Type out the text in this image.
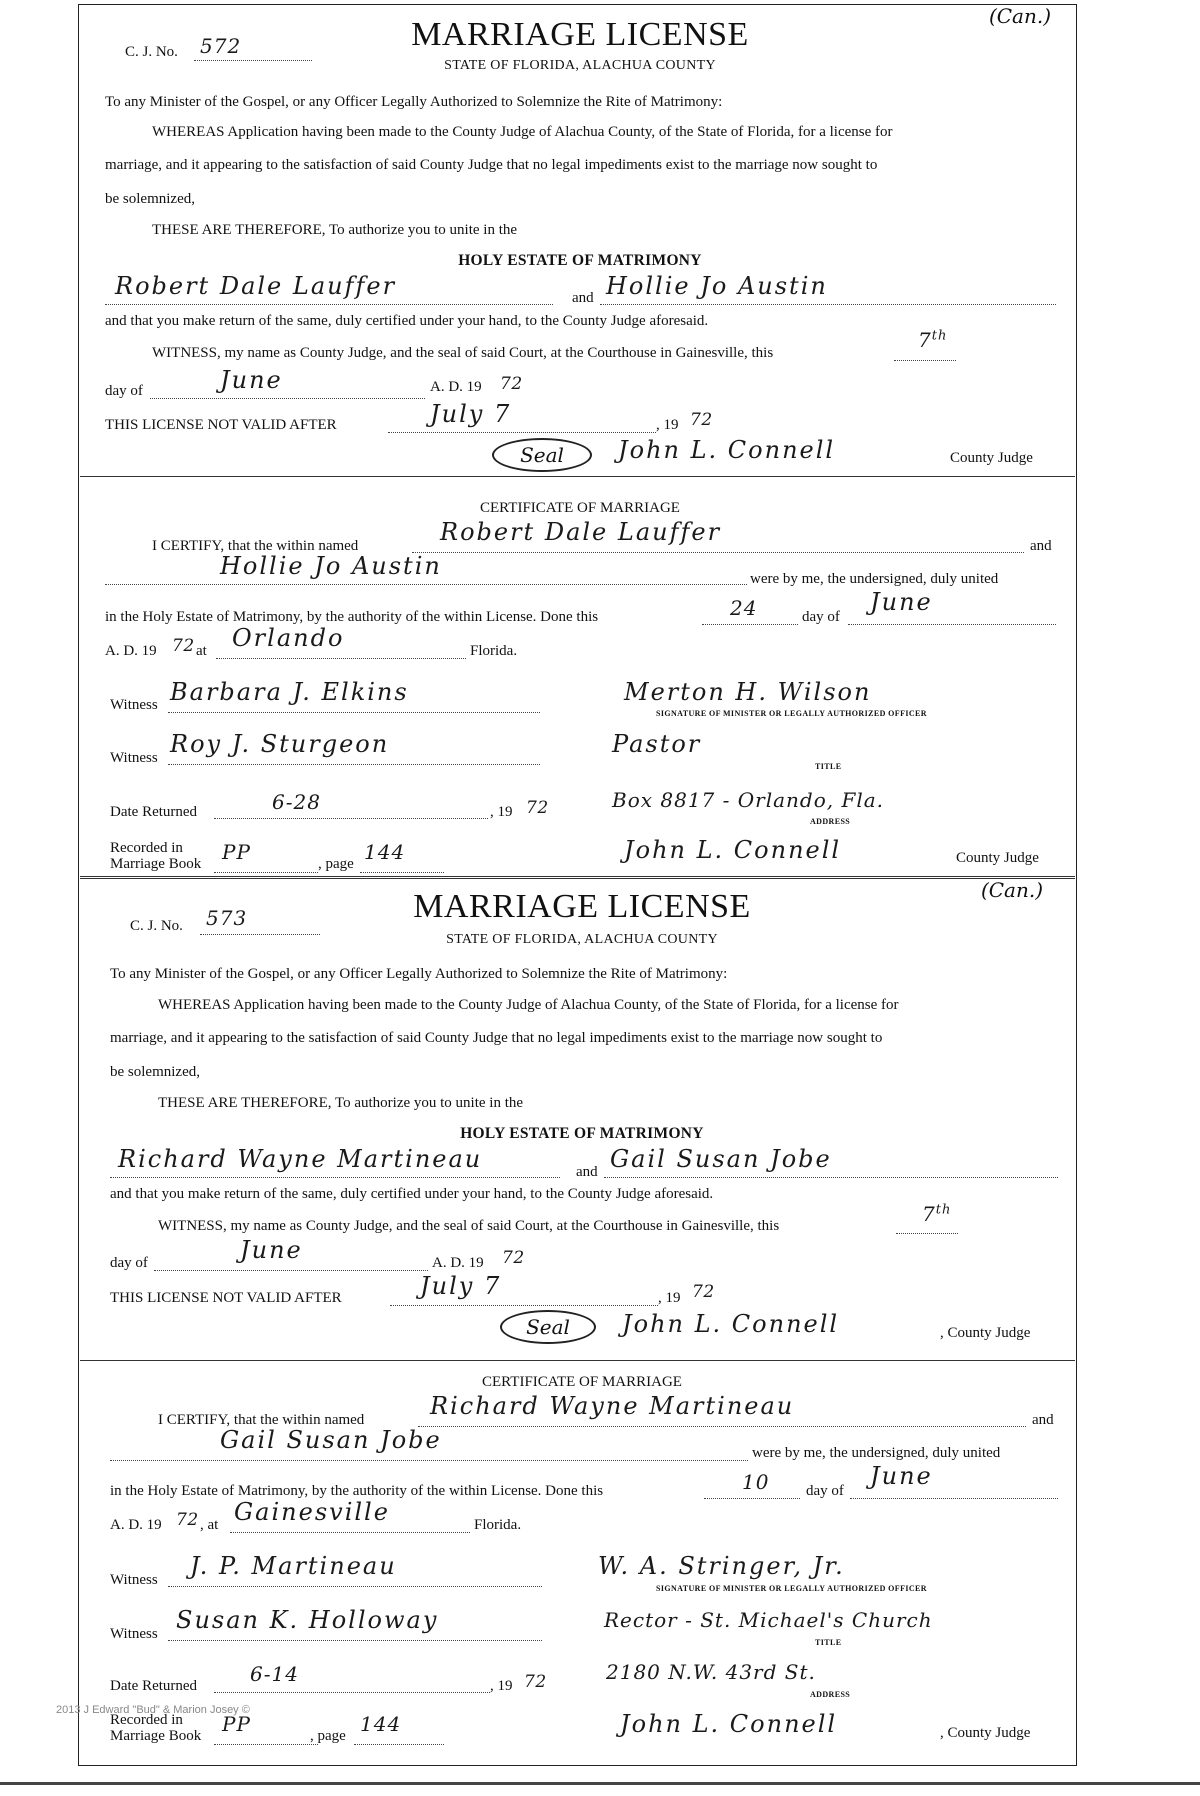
(Can.)
C. J. No. 572	MARRIAGE LICENSE
STATE OF FLORIDA, ALACHUA COUNTY
To any Minister of the Gospel, or any Officer Legally Authorized to Solemnize the Rite of Matrimony:
WHEREAS Application having been made to the County Judge of Alachua County, of the State of Florida, for a license for
marriage, and it appearing to the satisfaction of said County Judge that no legal impediments exist to the marriage now sought to
be solemnized,
THESE ARE THEREFORE, To authorize you to unite in the
HOLY ESTATE OF MATRIMONY
Robert Dale Lauffer	and Hollie Jo Austin
and that you make return of the same, duly certified under your hand, to the County Judge aforesaid.
WITNESS, my name as County Judge, and the seal of said Court, at the Courthouse in Gainesville, this
7th
day of	June	A. D. 19 72
THIS LICENSE NOT VALID AFTER	July 7	, 19 72
Seal	John L. Connell	County Judge
CERTIFICATE OF MARRIAGE
I CERTIFY, that the within named	Robert Dale Lauffer	and
Hollie Jo Austin	were by me, the undersigned, duly united
in the Holy Estate of Matrimony, by the authority of the within License. Done this	24	day of
June
A. D. 19 72 at Orlando	Florida.
Witness Barbara J. Elkins	Merton H. Wilson
SIGNATURE OF MINISTER OR LEGALLY AUTHORIZED OFFICER
Witness Roy J. Sturgeon	Pastor
TITLE
Date Returned	6-28	, 19 72	Box 8817 - Orlando, Fla.
ADDRESS
Recorded in
Marriage Book PP	, page 144	John L. Connell	County Judge
(Can.)
C. J. No. 573	MARRIAGE LICENSE
STATE OF FLORIDA, ALACHUA COUNTY
To any Minister of the Gospel, or any Officer Legally Authorized to Solemnize the Rite of Matrimony:
WHEREAS Application having been made to the County Judge of Alachua County, of the State of Florida, for a license for
marriage, and it appearing to the satisfaction of said County Judge that no legal impediments exist to the marriage now sought to
be solemnized,
THESE ARE THEREFORE, To authorize you to unite in the
HOLY ESTATE OF MATRIMONY
Richard Wayne Martineau	and Gail Susan Jobe
and that you make return of the same, duly certified under your hand, to the County Judge aforesaid.
WITNESS, my name as County Judge, and the seal of said Court, at the Courthouse in Gainesville, this	7th
day of	June	A. D. 19 72
THIS LICENSE NOT VALID AFTER	July 7	, 19 72
Seal	John L. Connell	, County Judge
CERTIFICATE OF MARRIAGE
I CERTIFY, that the within named	Richard Wayne Martineau	and
Gail Susan Jobe	were by me, the undersigned, duly united
in the Holy Estate of Matrimony, by the authority of the within License. Done this	10 day of
June
A. D. 19 72 , at Gainesville	Florida.
Witness J. P. Martineau	W. A. Stringer, Jr.
SIGNATURE OF MINISTER OR LEGALLY AUTHORIZED OFFICER
Witness Susan K. Holloway	Rector - St. Michael's Church
TITLE
Date Returned	6-14	, 19 72	2180 N.W. 43rd St.
ADDRESS
Recorded in
Marriage Book PP	, page 144	John L. Connell	, County Judge
2013 J Edward "Bud" & Marion Josey ©
